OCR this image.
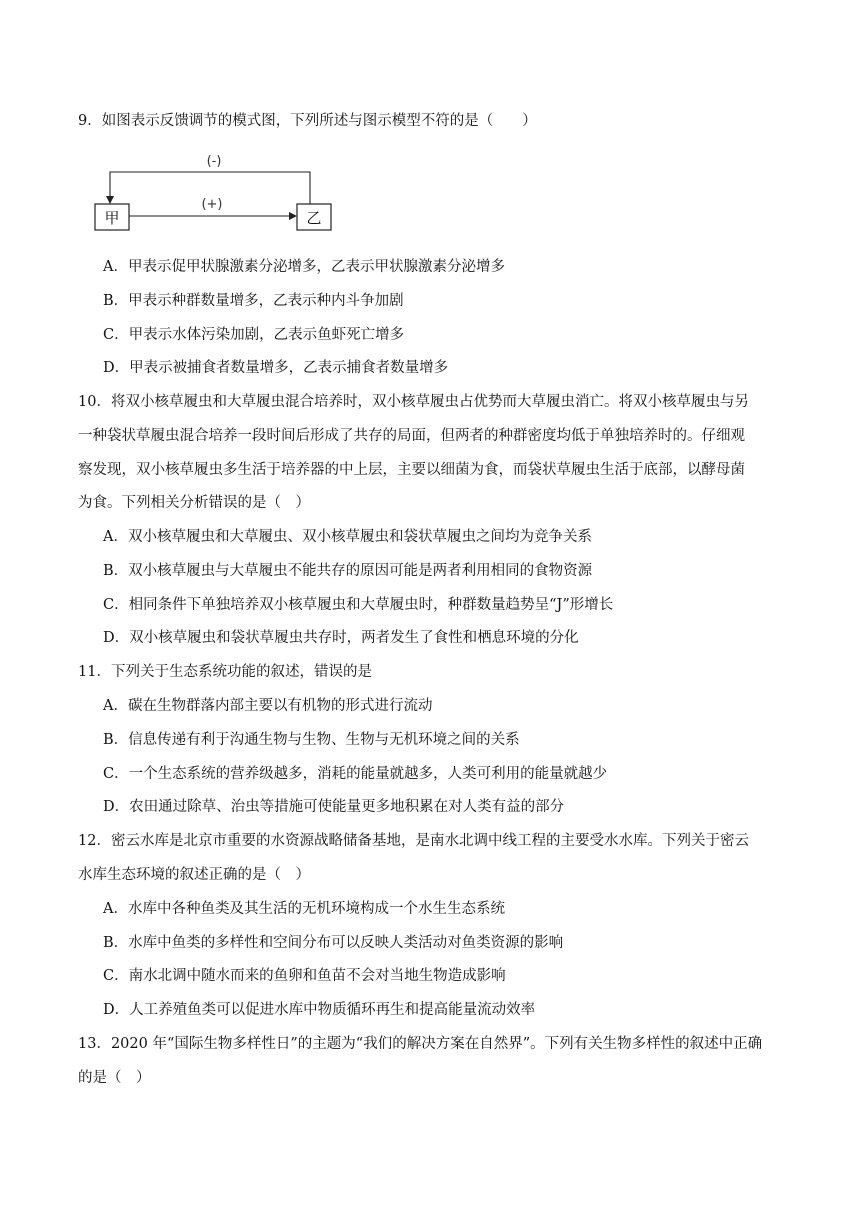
9．如图表示反馈调节的模式图，下列所述与图示模型不符的是（　　）
甲	乙
(+)
(-)
A．甲表示促甲状腺激素分泌增多，乙表示甲状腺激素分泌增多
B．甲表示种群数量增多，乙表示种内斗争加剧
C．甲表示水体污染加剧，乙表示鱼虾死亡增多
D．甲表示被捕食者数量增多，乙表示捕食者数量增多
10．将双小核草履虫和大草履虫混合培养时，双小核草履虫占优势而大草履虫消亡。将双小核草履虫与另
一种袋状草履虫混合培养一段时间后形成了共存的局面，但两者的种群密度均低于单独培养时的。仔细观
察发现，双小核草履虫多生活于培养器的中上层，主要以细菌为食，而袋状草履虫生活于底部，以酵母菌
为食。下列相关分析错误的是（　）
A．双小核草履虫和大草履虫、双小核草履虫和袋状草履虫之间均为竞争关系
B．双小核草履虫与大草履虫不能共存的原因可能是两者利用相同的食物资源
C．相同条件下单独培养双小核草履虫和大草履虫时，种群数量趋势呈“J”形增长
D．双小核草履虫和袋状草履虫共存时，两者发生了食性和栖息环境的分化
11．下列关于生态系统功能的叙述，错误的是
A．碳在生物群落内部主要以有机物的形式进行流动
B．信息传递有利于沟通生物与生物、生物与无机环境之间的关系
C．一个生态系统的营养级越多，消耗的能量就越多，人类可利用的能量就越少
D．农田通过除草、治虫等措施可使能量更多地积累在对人类有益的部分
12．密云水库是北京市重要的水资源战略储备基地，是南水北调中线工程的主要受水水库。下列关于密云
水库生态环境的叙述正确的是（　）
A．水库中各种鱼类及其生活的无机环境构成一个水生生态系统
B．水库中鱼类的多样性和空间分布可以反映人类活动对鱼类资源的影响
C．南水北调中随水而来的鱼卵和鱼苗不会对当地生物造成影响
D．人工养殖鱼类可以促进水库中物质循环再生和提高能量流动效率
13．2020 年“国际生物多样性日”的主题为“我们的解决方案在自然界”。下列有关生物多样性的叙述中正确
的是（　）
